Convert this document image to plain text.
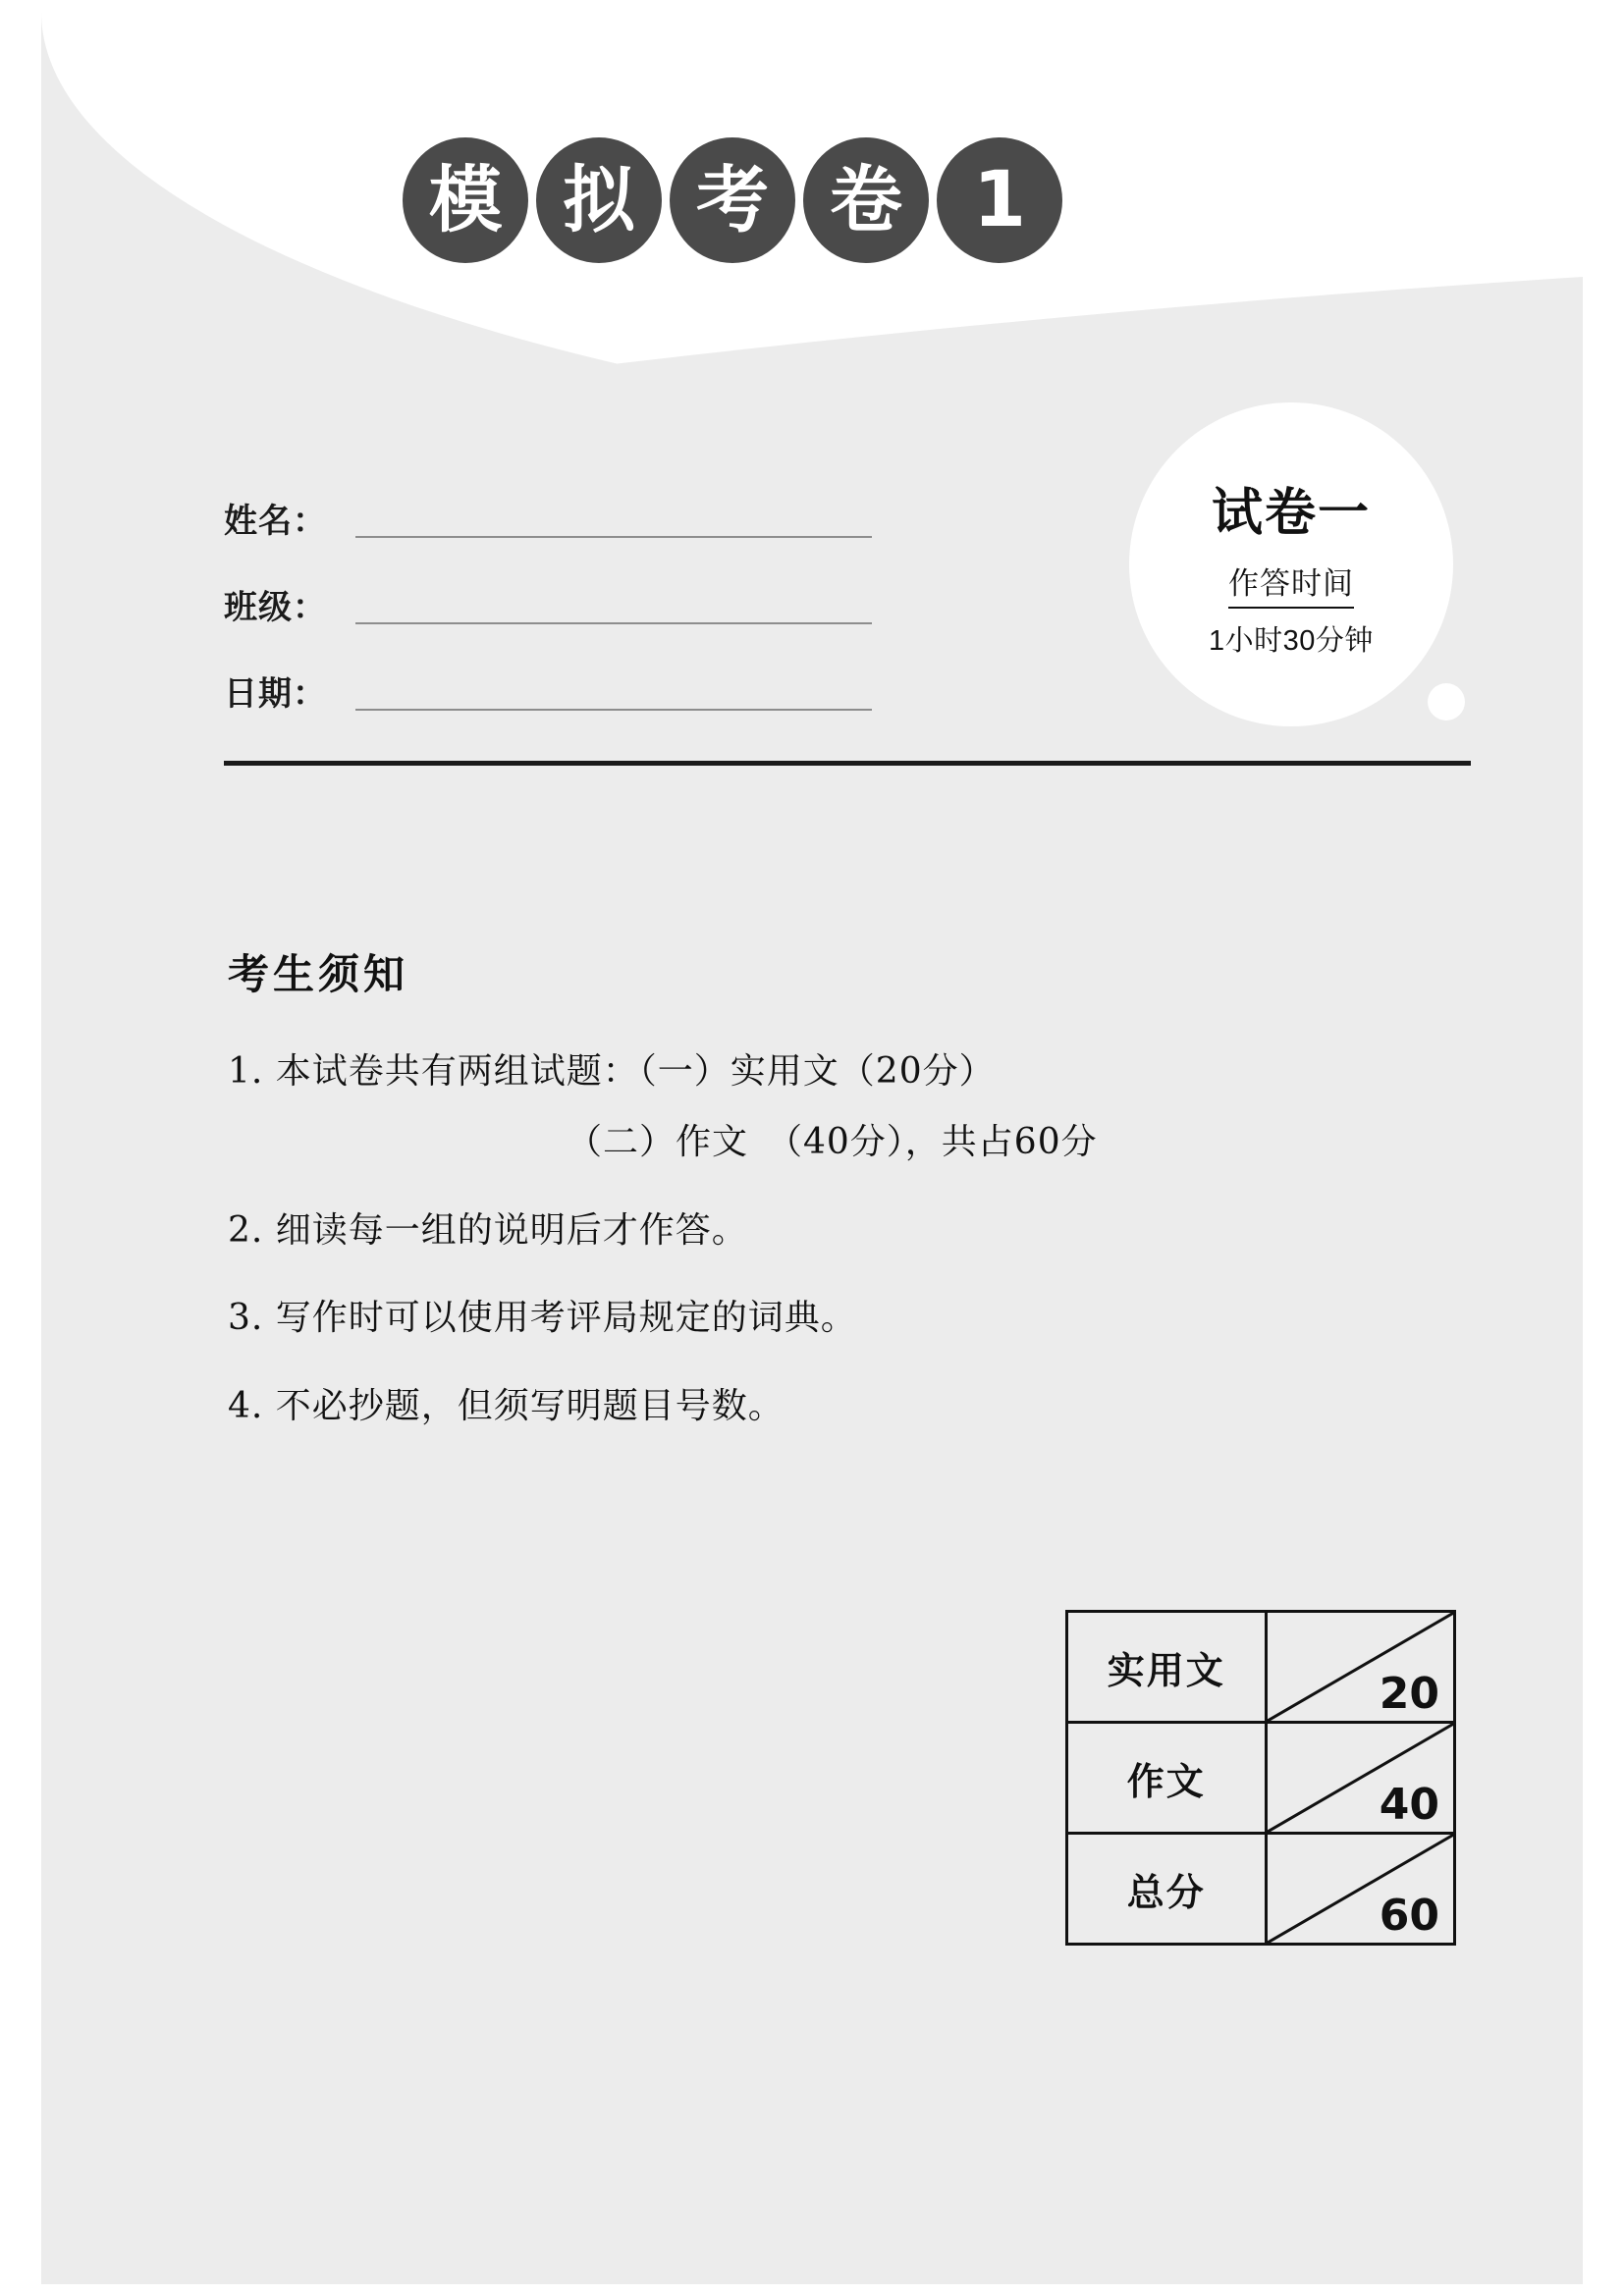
模 拟 考 卷 1
姓名：
班级：
日期：
试卷一
作答时间
1小时30分钟
考生须知
1. 本试卷共有两组试题：（一）实用文（20分）
（二）作文　（40分），共占60分
2. 细读每一组的说明后才作答。
3. 写作时可以使用考评局规定的词典。
4. 不必抄题，但须写明题目号数。
实用文	20

作文	40

总分	60
